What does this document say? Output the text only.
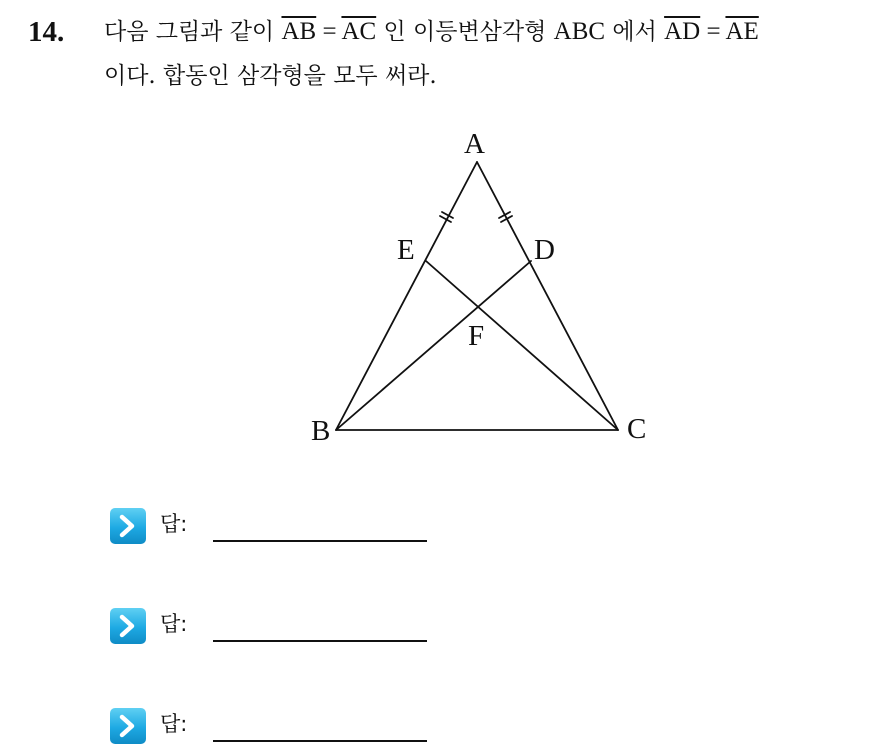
14. 다음 그림과 같이 $\overline{AB} = \overline{AC}$ 인 이등변삼각형 ABC 에서 $\overline{AD} = \overline{AE}$
이다. 합동인 삼각형을 모두 써라.
A
E	D
F
B	C
답:
답:
답:
